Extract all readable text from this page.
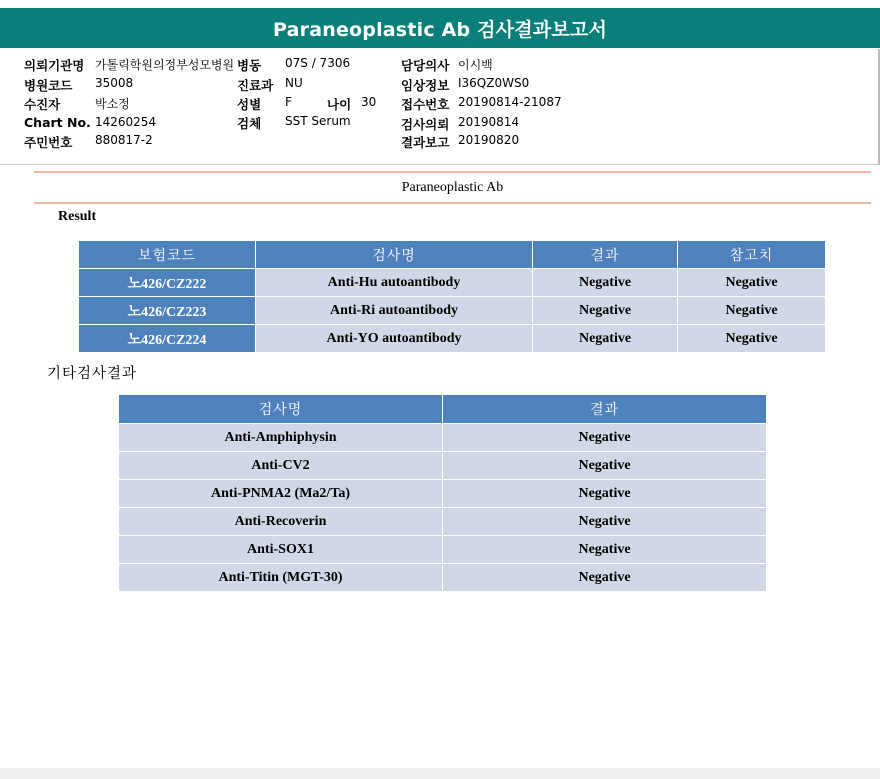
Paraneoplastic Ab 검사결과보고서
의뢰기관명 가톨릭학원의정부성모병원 병동 07S / 7306	담당의사 이시백
병원코드 35008	진료과 NU	임상정보 I36QZ0WS0
수진자	박소정	성별 F	나이 30 접수번호 20190814-21087
Chart No. 14260254	검체 SST Serum	검사의뢰 20190814
주민번호 880817-2	결과보고 20190820
Paraneoplastic Ab
Result
보험코드	검사명	결과	참고치
노426/CZ222	Anti-Hu autoantibody	Negative	Negative
노426/CZ223	Anti-Ri autoantibody	Negative	Negative
노426/CZ224	Anti-YO autoantibody	Negative	Negative
기타검사결과
검사명	결과
Anti-Amphiphysin	Negative
Anti-CV2	Negative
Anti-PNMA2 (Ma2/Ta)	Negative
Anti-Recoverin	Negative
Anti-SOX1	Negative
Anti-Titin (MGT-30)	Negative
